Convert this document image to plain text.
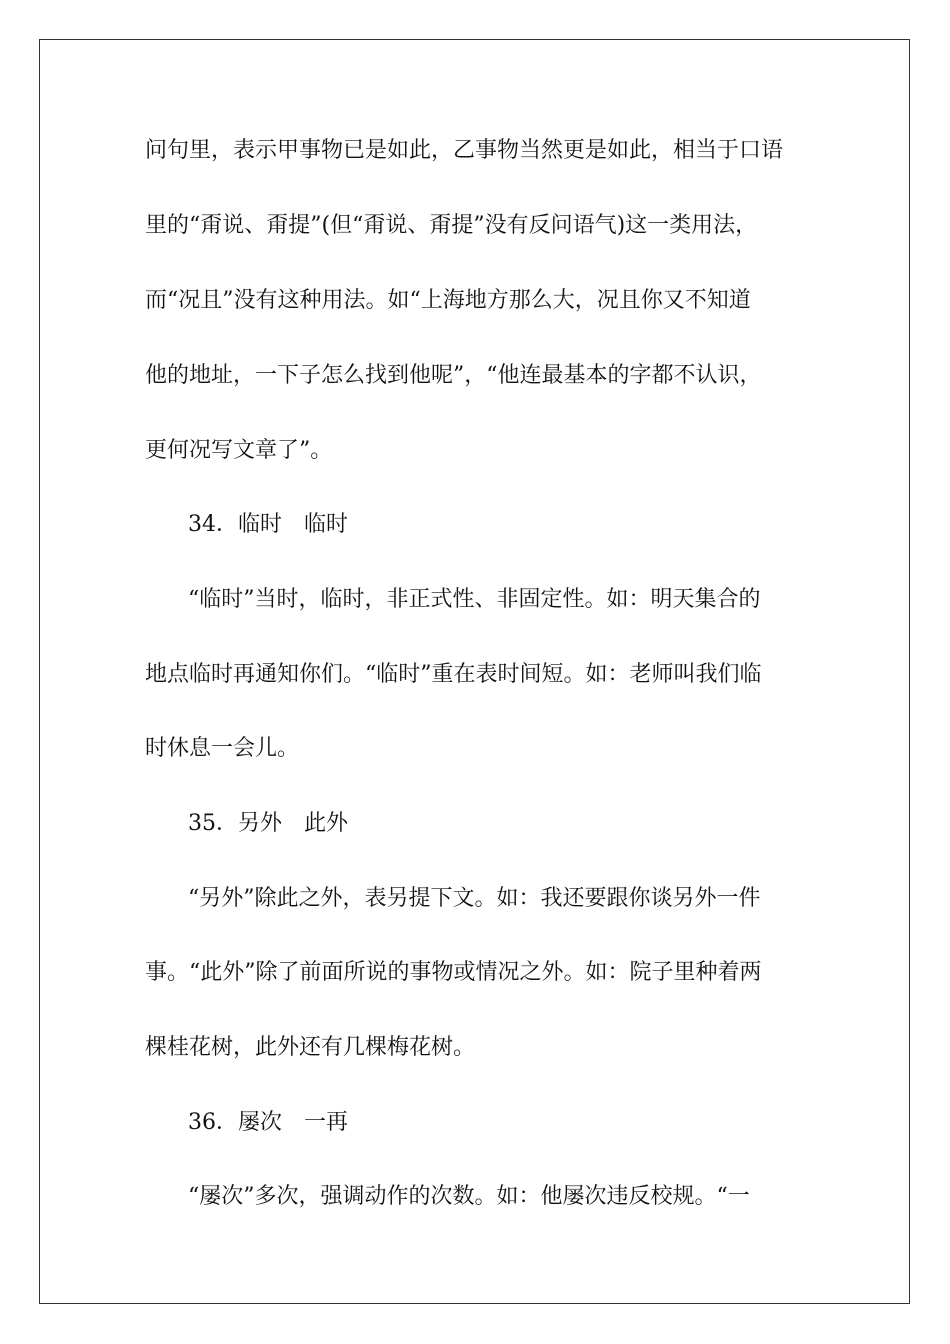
问句里，表示甲事物已是如此，乙事物当然更是如此，相当于口语
里的“甭说、甭提”(但“甭说、甭提”没有反问语气)这一类用法，
而“况且”没有这种用法。如“上海地方那么大，况且你又不知道
他的地址，一下子怎么找到他呢”，“他连最基本的字都不认识，
更何况写文章了”。
34．临时　临时
“临时”当时，临时，非正式性、非固定性。如：明天集合的
地点临时再通知你们。“临时”重在表时间短。如：老师叫我们临
时休息一会儿。
35．另外　此外
“另外”除此之外，表另提下文。如：我还要跟你谈另外一件
事。“此外”除了前面所说的事物或情况之外。如：院子里种着两
棵桂花树，此外还有几棵梅花树。
36．屡次　一再
“屡次”多次，强调动作的次数。如：他屡次违反校规。“一
